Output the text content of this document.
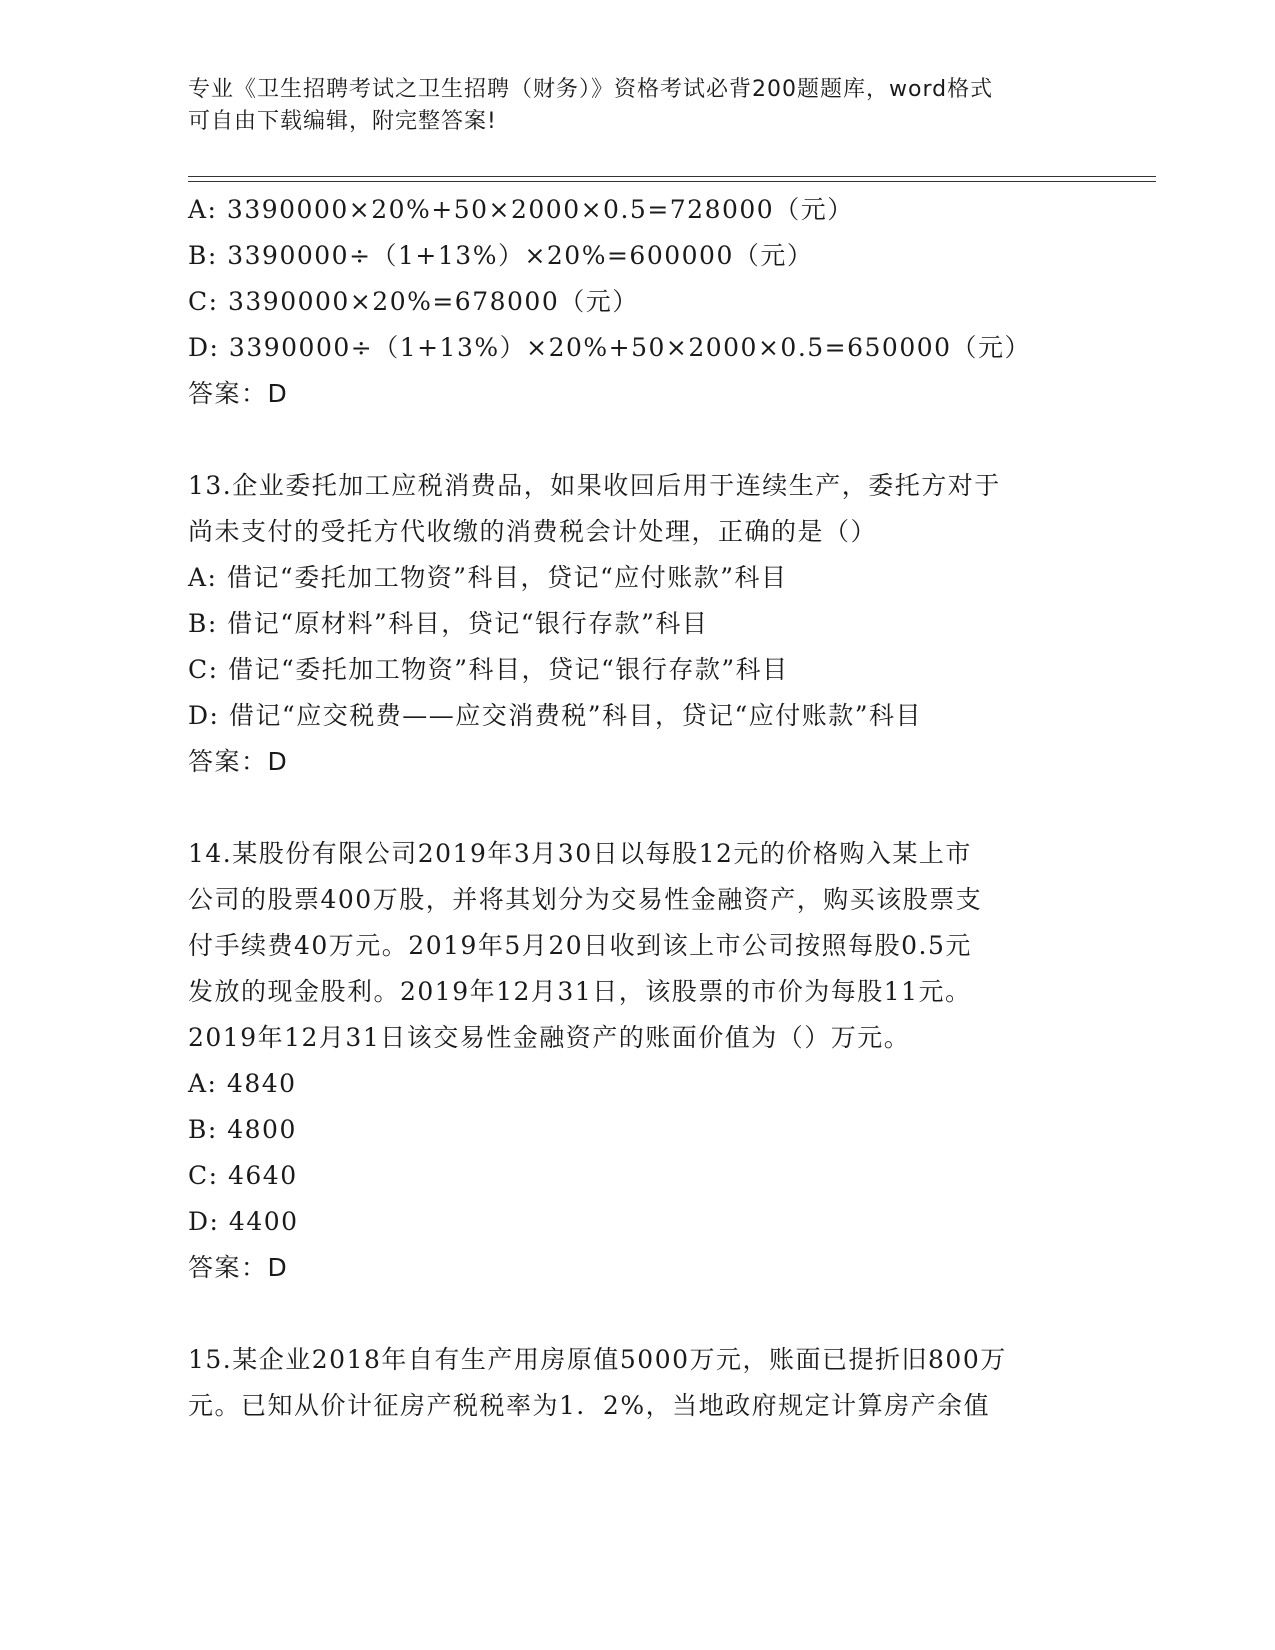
专业《卫生招聘考试之卫生招聘（财务）》资格考试必背200题题库，word格式
可自由下载编辑，附完整答案!
A: 3390000×20%+50×2000×0.5=728000（元）
B: 3390000÷（1+13%）×20%=600000（元）
C: 3390000×20%=678000（元）
D: 3390000÷（1+13%）×20%+50×2000×0.5=650000（元）
答案：D
13.企业委托加工应税消费品，如果收回后用于连续生产，委托方对于
尚未支付的受托方代收缴的消费税会计处理，正确的是（）
A: 借记“委托加工物资”科目，贷记“应付账款”科目
B: 借记“原材料”科目，贷记“银行存款”科目
C: 借记“委托加工物资”科目，贷记“银行存款”科目
D: 借记“应交税费——应交消费税”科目，贷记“应付账款”科目
答案：D
14.某股份有限公司2019年3月30日以每股12元的价格购入某上市
公司的股票400万股，并将其划分为交易性金融资产，购买该股票支
付手续费40万元。2019年5月20日收到该上市公司按照每股0.5元
发放的现金股利。2019年12月31日，该股票的市价为每股11元。
2019年12月31日该交易性金融资产的账面价值为（）万元。
A: 4840
B: 4800
C: 4640
D: 4400
答案：D
15.某企业2018年自有生产用房原值5000万元，账面已提折旧800万
元。已知从价计征房产税税率为1．2%，当地政府规定计算房产余值
